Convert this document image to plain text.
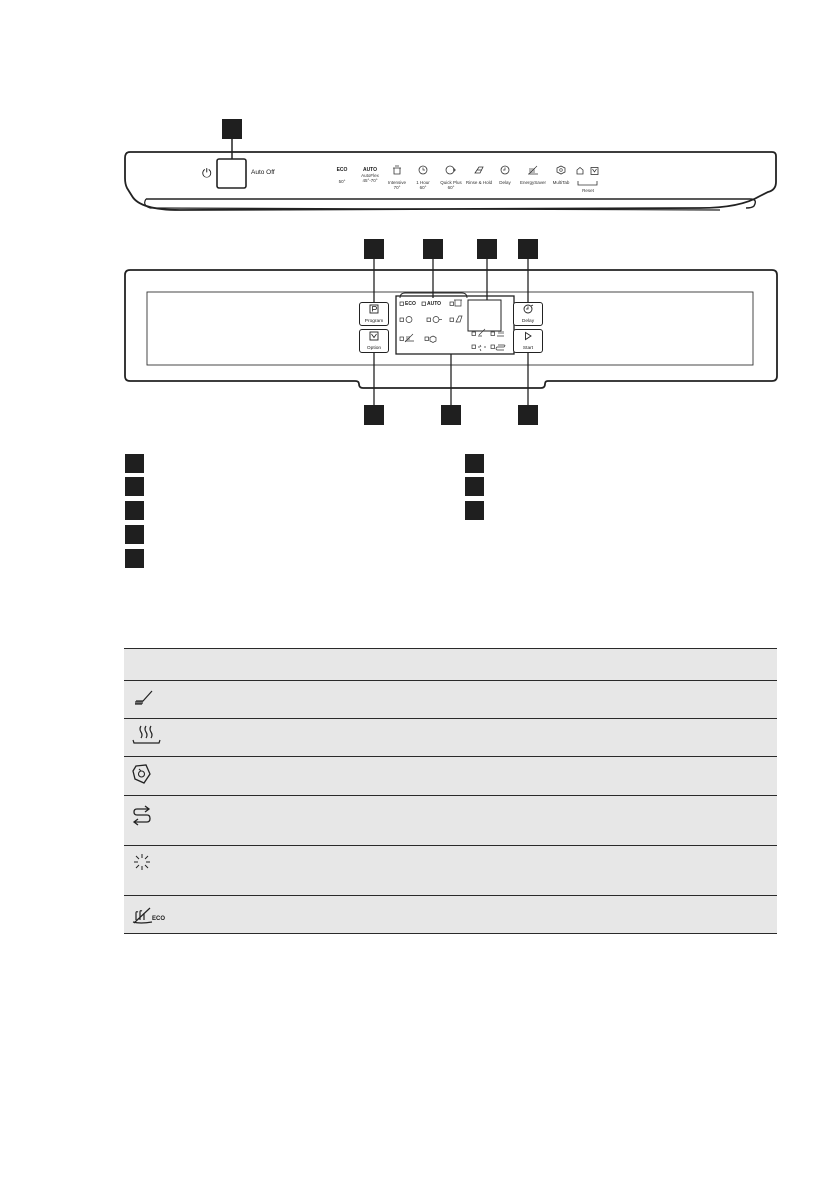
⏻	Auto Off	ECO
50°
AUTO
AutoFlex
45°-70°	Intensive
70°
1 Hour
60°
Quick Plus
60°
Rinse & Hold	Delay	EnergySaver	MultiTab
Reset
ECO AUTO
Program
Option
Delay
Start

ECO
